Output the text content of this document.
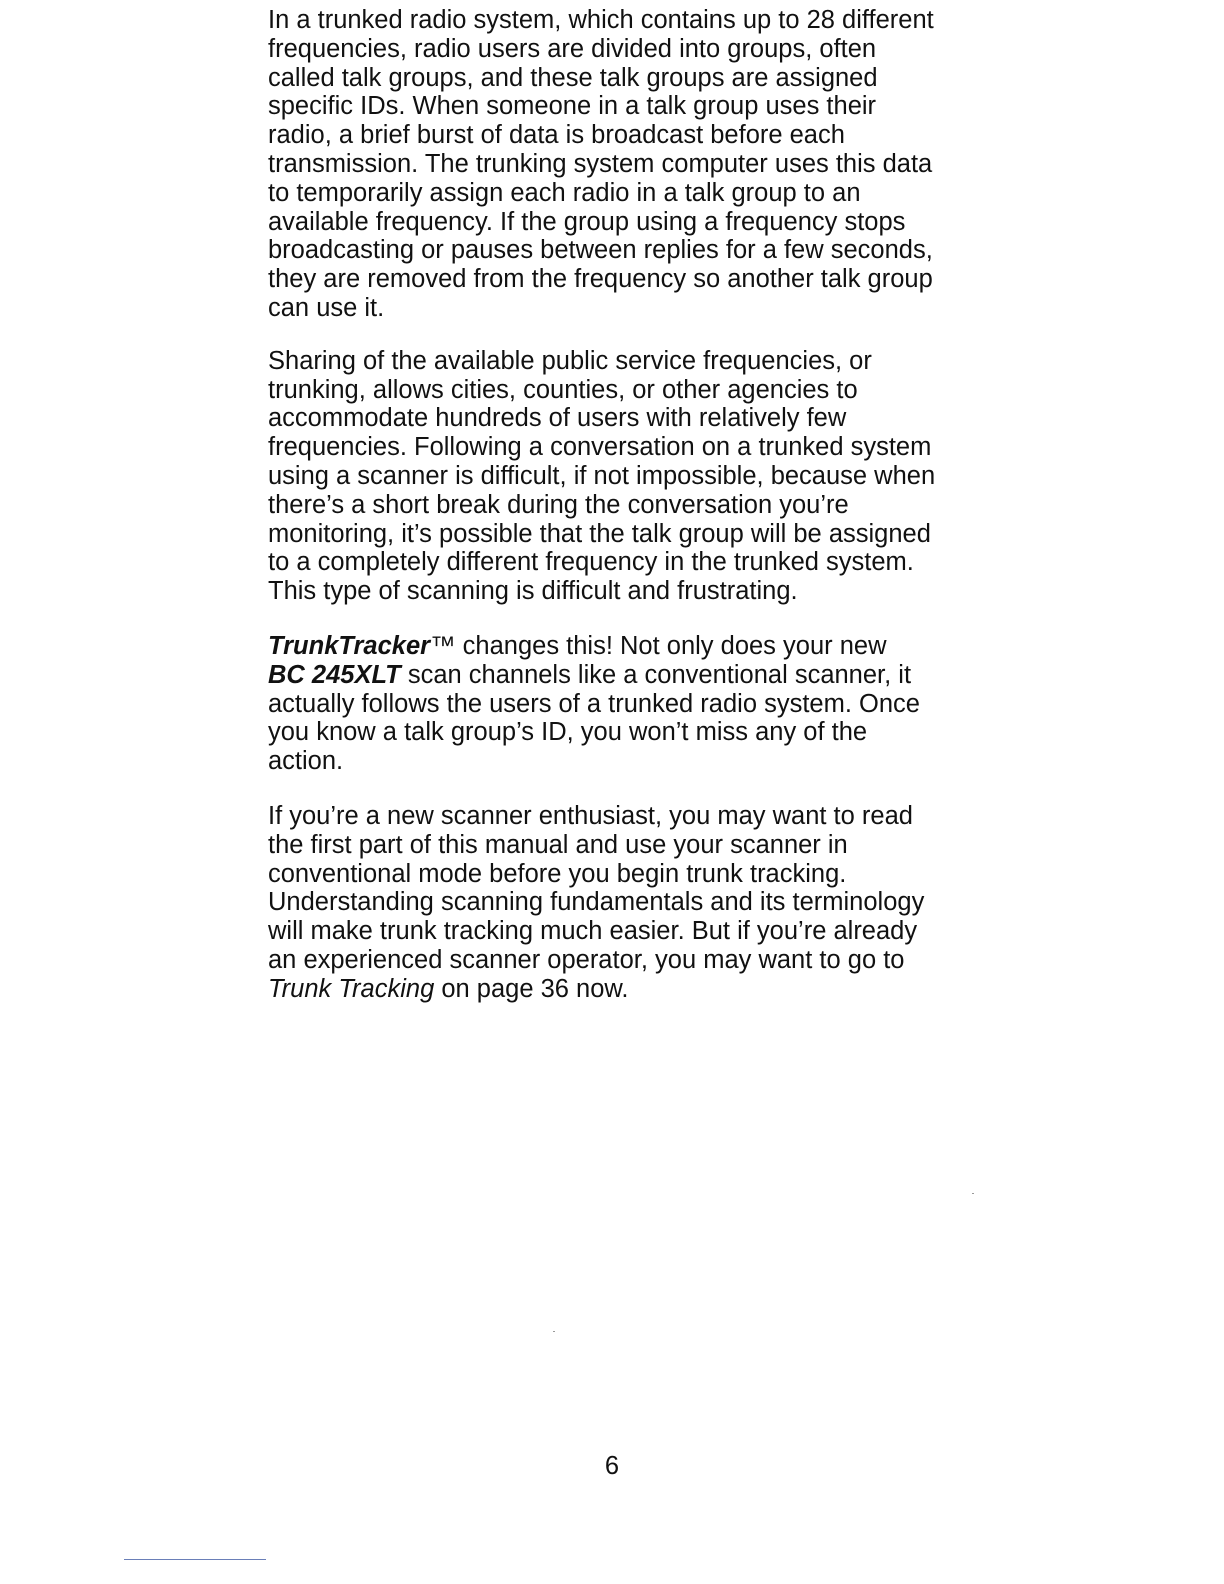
In a trunked radio system, which contains up to 28 different
frequencies, radio users are divided into groups, often
called talk groups, and these talk groups are assigned
specific IDs. When someone in a talk group uses their
radio, a brief burst of data is broadcast before each
transmission. The trunking system computer uses this data
to temporarily assign each radio in a talk group to an
available frequency. If the group using a frequency stops
broadcasting or pauses between replies for a few seconds,
they are removed from the frequency so another talk group
can use it.

Sharing of the available public service frequencies, or
trunking, allows cities, counties, or other agencies to
accommodate hundreds of users with relatively few
frequencies. Following a conversation on a trunked system
using a scanner is difficult, if not impossible, because when
there’s a short break during the conversation you’re
monitoring, it’s possible that the talk group will be assigned
to a completely different frequency in the trunked system.
This type of scanning is difficult and frustrating.

TrunkTracker™ changes this! Not only does your new
BC 245XLT scan channels like a conventional scanner, it
actually follows the users of a trunked radio system. Once
you know a talk group’s ID, you won’t miss any of the
action.

If you’re a new scanner enthusiast, you may want to read
the first part of this manual and use your scanner in
conventional mode before you begin trunk tracking.
Understanding scanning fundamentals and its terminology
will make trunk tracking much easier. But if you’re already
an experienced scanner operator, you may want to go to
Trunk Tracking on page 36 now.

6
